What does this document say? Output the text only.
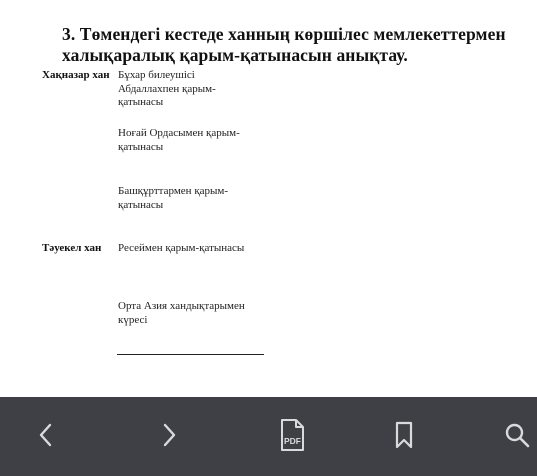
3. Төмендегі кестеде ханның көршілес мемлекеттермен халықаралық қарым-қатынасын анықтау.
Хақназар хан Бұхар билеушісі Абдаллахпен қарым-қатынасы
Ноғай Ордасымен қарым-қатынасы
Башқұрттармен қарым-қатынасы
Тәуекел хан Ресеймен қарым-қатынасы
Орта Азия хандықтарымен күресі
PDF
